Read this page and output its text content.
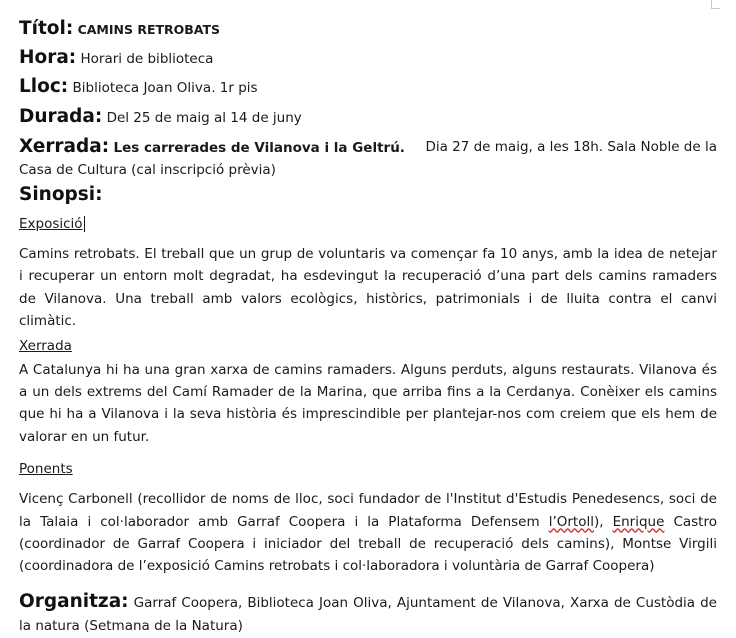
Títol: CAMINS RETROBATS
Hora: Horari de biblioteca
Lloc: Biblioteca Joan Oliva. 1r pis
Durada: Del 25 de maig al 14 de juny
Xerrada: Les carrerades de Vilanova i la Geltrú. Dia 27 de maig, a les 18h. Sala Noble de la
Casa de Cultura (cal inscripció prèvia)
Sinopsi:

Exposició

Camins retrobats. El treball que un grup de voluntaris va començar fa 10 anys, amb la idea de netejar i recuperar un entorn molt degradat, ha esdevingut la recuperació d’una part dels camins ramaders de Vilanova. Una treball amb valors ecològics, històrics, patrimonials i de lluita contra el canvi climàtic.

Xerrada

A Catalunya hi ha una gran xarxa de camins ramaders. Alguns perduts, alguns restaurats. Vilanova és a un dels extrems del Camí Ramader de la Marina, que arriba fins a la Cerdanya. Conèixer els camins que hi ha a Vilanova i la seva història és imprescindible per plantejar-nos com creiem que els hem de valorar en un futur.

Ponents

Vicenç Carbonell (recollidor de noms de lloc, soci fundador de l'Institut d'Estudis Penedesencs, soci de la Talaia i col·laborador amb Garraf Coopera i la Plataforma Defensem l’Ortoll), Enrique Castro (coordinador de Garraf Coopera i iniciador del treball de recuperació dels camins), Montse Virgili (coordinadora de l’exposició Camins retrobats i col·laboradora i voluntària de Garraf Coopera)

Organitza: Garraf Coopera, Biblioteca Joan Oliva, Ajuntament de Vilanova, Xarxa de Custòdia de la natura (Setmana de la Natura)
